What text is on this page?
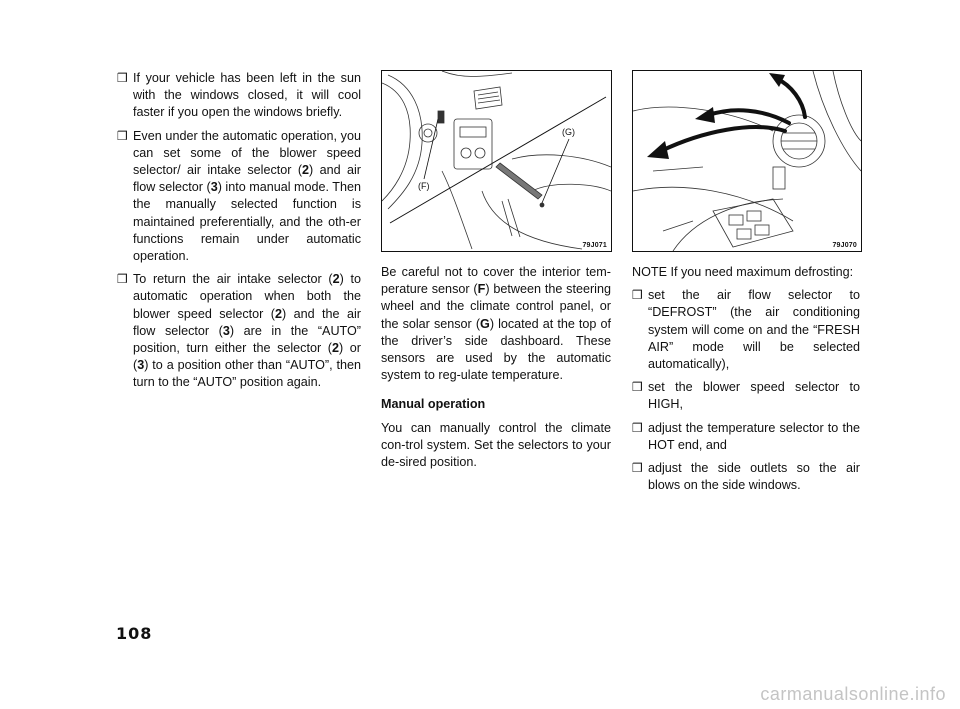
❒ If your vehicle has been left in the sun with the windows closed, it will cool faster if you open the windows briefly.
❒ Even under the automatic operation, you can set some of the blower speed selector/ air intake selector (2) and air flow selector (3) into manual mode. Then the manually selected function is maintained preferentially, and the oth-er functions remain under automatic operation.
❒ To return the air intake selector (2) to automatic operation when both the blower speed selector (2) and the air flow selector (3) are in the “AUTO” position, turn either the selector (2) or (3) to a position other than “AUTO”, then turn to the “AUTO” position again.
(F)
(G)
79J071	79J070

Be careful not to cover the interior tem-perature sensor (F) between the steering wheel and the climate control panel, or the solar sensor (G) located at the top of the driver’s side dashboard. These sensors are used by the automatic system to reg-ulate temperature.

Manual operation

You can manually control the climate con-trol system. Set the selectors to your de-sired position.

NOTE If you need maximum defrosting:

❒ set the air flow selector to “DEFROST” (the air conditioning system will come on and the “FRESH AIR” mode will be selected automatically),
❒ set the blower speed selector to HIGH,
❒ adjust the temperature selector to the HOT end, and
❒ adjust the side outlets so the air blows on the side windows.
108
carmanualsonline.info
